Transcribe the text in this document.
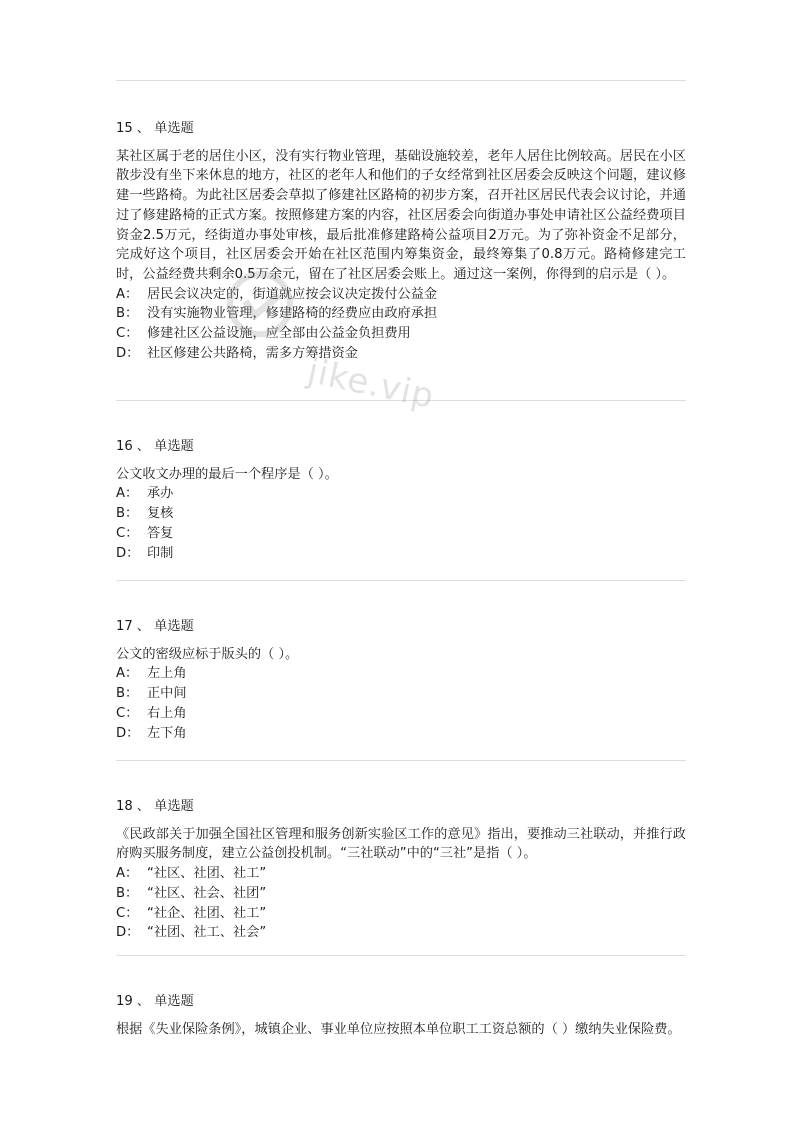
15 、 单选题
某社区属于老的居住小区，没有实行物业管理，基础设施较差，老年人居住比例较高。居民在小区散步没有坐下来休息的地方，社区的老年人和他们的子女经常到社区居委会反映这个问题，建议修建一些路椅。为此社区居委会草拟了修建社区路椅的初步方案，召开社区居民代表会议讨论，并通过了修建路椅的正式方案。按照修建方案的内容，社区居委会向街道办事处申请社区公益经费项目资金2.5万元，经街道办事处审核，最后批准修建路椅公益项目2万元。为了弥补资金不足部分，完成好这个项目，社区居委会开始在社区范围内筹集资金，最终筹集了0.8万元。路椅修建完工时，公益经费共剩余0.5万余元，留在了社区居委会账上。通过这一案例，你得到的启示是（ ）。
A： 居民会议决定的，街道就应按会议决定拨付公益金
B： 没有实施物业管理，修建路椅的经费应由政府承担
C： 修建社区公益设施，应全部由公益金负担费用
D： 社区修建公共路椅，需多方筹措资金
16 、 单选题
公文收文办理的最后一个程序是（ ）。
A： 承办
B： 复核
C： 答复
D： 印制
17 、 单选题
公文的密级应标于版头的（ ）。
A： 左上角
B： 正中间
C： 右上角
D： 左下角
18 、 单选题
《民政部关于加强全国社区管理和服务创新实验区工作的意见》指出，要推动三社联动，并推行政府购买服务制度，建立公益创投机制。“三社联动”中的“三社”是指（ ）。
A： “社区、社团、社工”
B： “社区、社会、社团”
C： “社企、社团、社工”
D： “社团、社工、社会”
19 、 单选题
根据《失业保险条例》，城镇企业、事业单位应按照本单位职工工资总额的（ ）缴纳失业保险费。
jike.vip
